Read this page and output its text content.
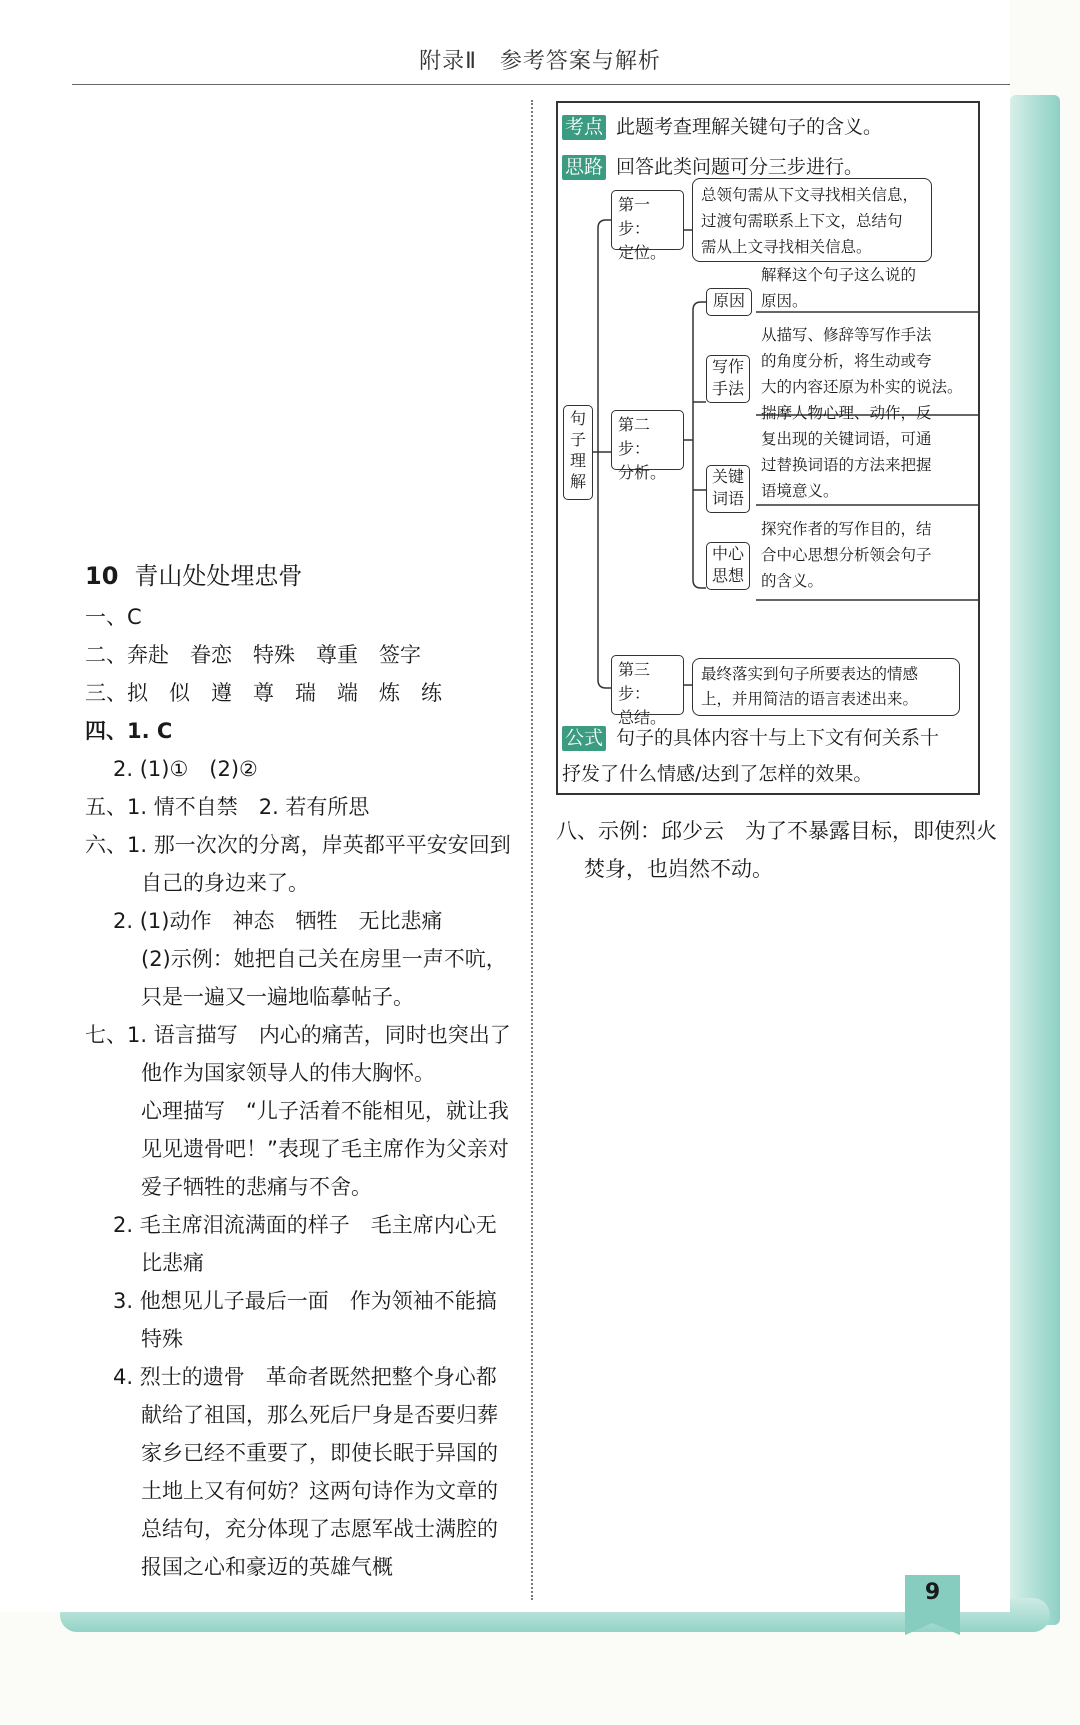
9
附录Ⅱ　参考答案与解析
10 青山处处埋忠骨
一、C
二、奔赴　眷恋　特殊　尊重　签字
三、拟　似　遵　尊　瑞　端　炼　练
四、1. C
2. (1)①　(2)②
五、1. 情不自禁　2. 若有所思
六、1. 那一次次的分离，岸英都平平安安回到
自己的身边来了。
2. (1)动作　神态　牺牲　无比悲痛
(2)示例：她把自己关在房里一声不吭，
只是一遍又一遍地临摹帖子。
七、1. 语言描写　内心的痛苦，同时也突出了
他作为国家领导人的伟大胸怀。
心理描写　“儿子活着不能相见，就让我
见见遗骨吧！”表现了毛主席作为父亲对
爱子牺牲的悲痛与不舍。
2. 毛主席泪流满面的样子　毛主席内心无
比悲痛
3. 他想见儿子最后一面　作为领袖不能搞
特殊
4. 烈士的遗骨　革命者既然把整个身心都
献给了祖国，那么死后尸身是否要归葬
家乡已经不重要了，即使长眠于异国的
土地上又有何妨？这两句诗作为文章的
总结句，充分体现了志愿军战士满腔的
报国之心和豪迈的英雄气概
考点 此题考查理解关键句子的含义。
思路 回答此类问题可分三步进行。
句
子
理
解
第一步：
定位。
总领句需从下文寻找相关信息，
过渡句需联系上下文，总结句
需从上文寻找相关信息。
第二步：
分析。
原因
解释这个句子这么说的
原因。
写作
手法
从描写、修辞等写作手法
的角度分析，将生动或夸
大的内容还原为朴实的说法。
关键
词语
揣摩人物心理、动作，反
复出现的关键词语，可通
过替换词语的方法来把握
语境意义。
中心
思想
探究作者的写作目的，结
合中心思想分析领会句子
的含义。
第三步：
总结。
最终落实到句子所要表达的情感
上，并用简洁的语言表述出来。
公式 句子的具体内容十与上下文有何关系十
抒发了什么情感/达到了怎样的效果。
八、示例：邱少云　为了不暴露目标，即使烈火
焚身，也岿然不动。
